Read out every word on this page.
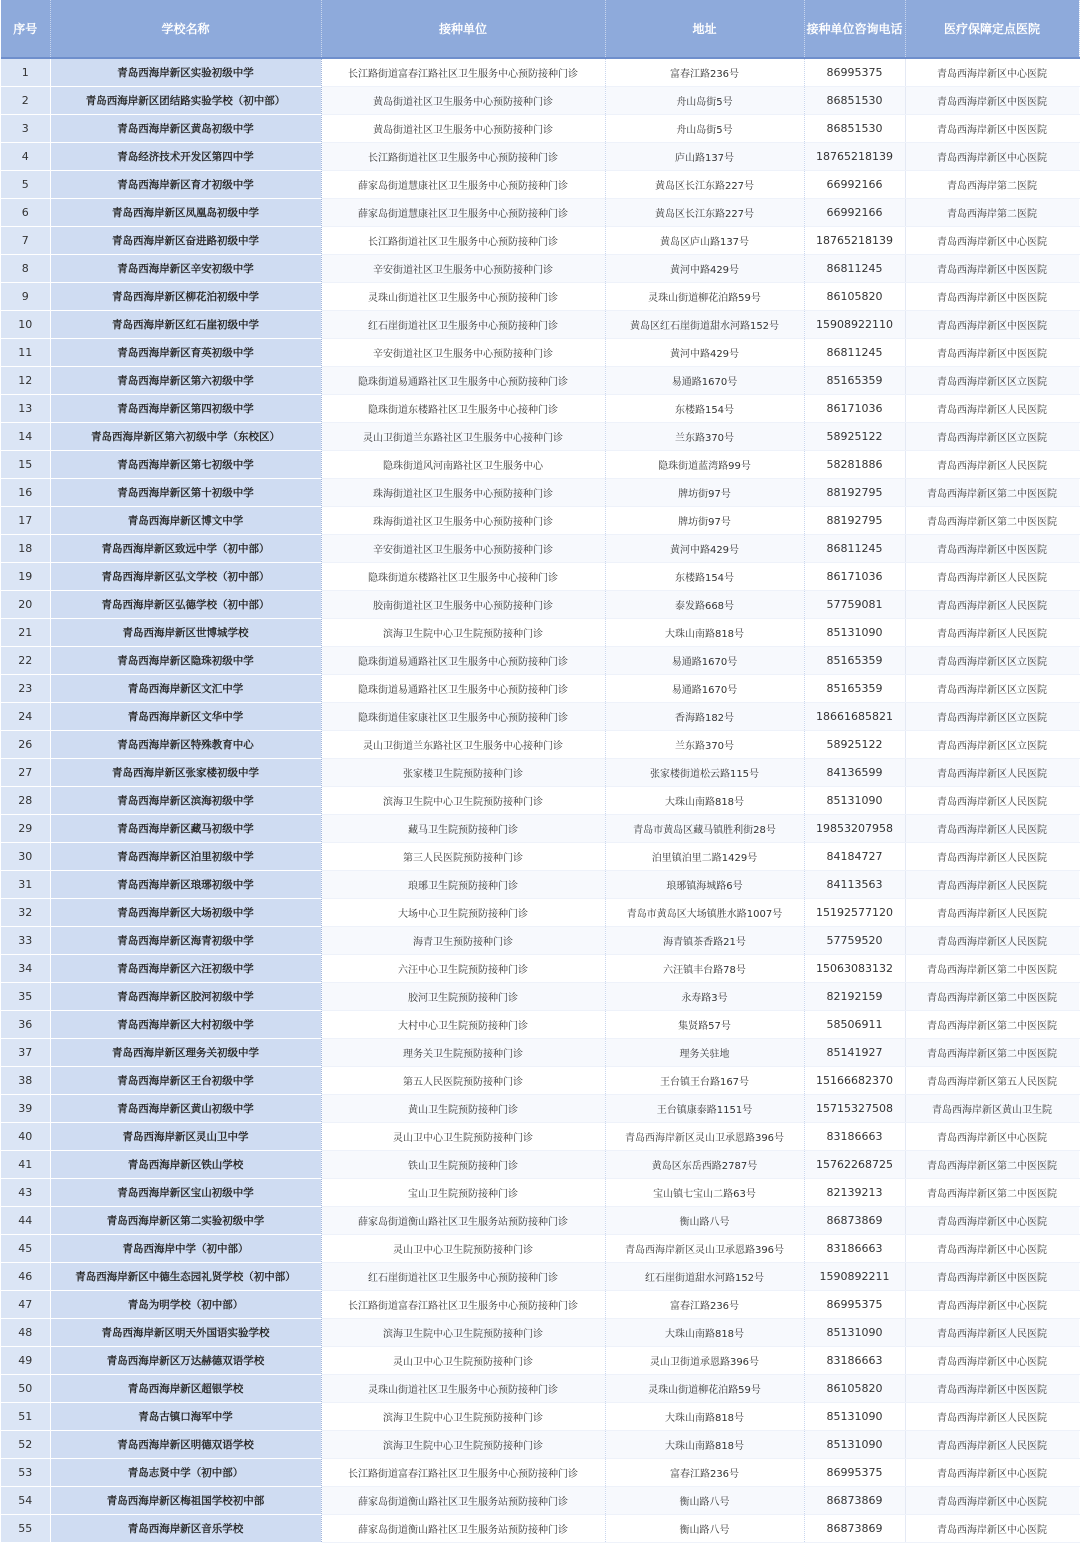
序号	学校名称	接种单位	地址	接种单位咨询电话	医疗保障定点医院
1	青岛西海岸新区实验初级中学	长江路街道富春江路社区卫生服务中心预防接种门诊	富春江路236号	86995375	青岛西海岸新区中心医院
2	青岛西海岸新区团结路实验学校（初中部）	黄岛街道社区卫生服务中心预防接种门诊	舟山岛街5号	86851530	青岛西海岸新区中医医院
3	青岛西海岸新区黄岛初级中学	黄岛街道社区卫生服务中心预防接种门诊	舟山岛街5号	86851530	青岛西海岸新区中医医院
4	青岛经济技术开发区第四中学	长江路街道社区卫生服务中心预防接种门诊	庐山路137号	18765218139	青岛西海岸新区中心医院
5	青岛西海岸新区育才初级中学	薛家岛街道慧康社区卫生服务中心预防接种门诊	黄岛区长江东路227号	66992166	青岛西海岸第二医院
6	青岛西海岸新区凤凰岛初级中学	薛家岛街道慧康社区卫生服务中心预防接种门诊	黄岛区长江东路227号	66992166	青岛西海岸第二医院
7	青岛西海岸新区奋进路初级中学	长江路街道社区卫生服务中心预防接种门诊	黄岛区庐山路137号	18765218139	青岛西海岸新区中心医院
8	青岛西海岸新区辛安初级中学	辛安街道社区卫生服务中心预防接种门诊	黄河中路429号	86811245	青岛西海岸新区中医医院
9	青岛西海岸新区柳花泊初级中学	灵珠山街道社区卫生服务中心预防接种门诊	灵珠山街道柳花泊路59号	86105820	青岛西海岸新区中医医院
10	青岛西海岸新区红石崖初级中学	红石崖街道社区卫生服务中心预防接种门诊	黄岛区红石崖街道甜水河路152号	15908922110	青岛西海岸新区中医医院
11	青岛西海岸新区育英初级中学	辛安街道社区卫生服务中心预防接种门诊	黄河中路429号	86811245	青岛西海岸新区中医医院
12	青岛西海岸新区第六初级中学	隐珠街道易通路社区卫生服务中心预防接种门诊	易通路1670号	85165359	青岛西海岸新区区立医院
13	青岛西海岸新区第四初级中学	隐珠街道东楼路社区卫生服务中心接种门诊	东楼路154号	86171036	青岛西海岸新区人民医院
14	青岛西海岸新区第六初级中学（东校区）	灵山卫街道兰东路社区卫生服务中心接种门诊	兰东路370号	58925122	青岛西海岸新区区立医院
15	青岛西海岸新区第七初级中学	隐珠街道风河南路社区卫生服务中心	隐珠街道蓝湾路99号	58281886	青岛西海岸新区人民医院
16	青岛西海岸新区第十初级中学	珠海街道社区卫生服务中心预防接种门诊	牌坊街97号	88192795	青岛西海岸新区第二中医医院
17	青岛西海岸新区博文中学	珠海街道社区卫生服务中心预防接种门诊	牌坊街97号	88192795	青岛西海岸新区第二中医医院
18	青岛西海岸新区致远中学（初中部）	辛安街道社区卫生服务中心预防接种门诊	黄河中路429号	86811245	青岛西海岸新区中医医院
19	青岛西海岸新区弘文学校（初中部）	隐珠街道东楼路社区卫生服务中心接种门诊	东楼路154号	86171036	青岛西海岸新区人民医院
20	青岛西海岸新区弘德学校（初中部）	胶南街道社区卫生服务中心预防接种门诊	泰发路668号	57759081	青岛西海岸新区人民医院
21	青岛西海岸新区世博城学校	滨海卫生院中心卫生院预防接种门诊	大珠山南路818号	85131090	青岛西海岸新区人民医院
22	青岛西海岸新区隐珠初级中学	隐珠街道易通路社区卫生服务中心预防接种门诊	易通路1670号	85165359	青岛西海岸新区区立医院
23	青岛西海岸新区文汇中学	隐珠街道易通路社区卫生服务中心预防接种门诊	易通路1670号	85165359	青岛西海岸新区区立医院
24	青岛西海岸新区文华中学	隐珠街道佳家康社区卫生服务中心预防接种门诊	香海路182号	18661685821	青岛西海岸新区区立医院
26	青岛西海岸新区特殊教育中心	灵山卫街道兰东路社区卫生服务中心接种门诊	兰东路370号	58925122	青岛西海岸新区区立医院
27	青岛西海岸新区张家楼初级中学	张家楼卫生院预防接种门诊	张家楼街道松云路115号	84136599	青岛西海岸新区人民医院
28	青岛西海岸新区滨海初级中学	滨海卫生院中心卫生院预防接种门诊	大珠山南路818号	85131090	青岛西海岸新区人民医院
29	青岛西海岸新区藏马初级中学	藏马卫生院预防接种门诊	青岛市黄岛区藏马镇胜利街28号	19853207958	青岛西海岸新区人民医院
30	青岛西海岸新区泊里初级中学	第三人民医院预防接种门诊	泊里镇泊里二路1429号	84184727	青岛西海岸新区人民医院
31	青岛西海岸新区琅琊初级中学	琅琊卫生院预防接种门诊	琅琊镇海城路6号	84113563	青岛西海岸新区人民医院
32	青岛西海岸新区大场初级中学	大场中心卫生院预防接种门诊	青岛市黄岛区大场镇胜水路1007号	15192577120	青岛西海岸新区人民医院
33	青岛西海岸新区海青初级中学	海青卫生预防接种门诊	海青镇茶香路21号	57759520	青岛西海岸新区人民医院
34	青岛西海岸新区六汪初级中学	六汪中心卫生院预防接种门诊	六汪镇丰台路78号	15063083132	青岛西海岸新区第二中医医院
35	青岛西海岸新区胶河初级中学	胶河卫生院预防接种门诊	永寿路3号	82192159	青岛西海岸新区第二中医医院
36	青岛西海岸新区大村初级中学	大村中心卫生院预防接种门诊	集贤路57号	58506911	青岛西海岸新区第二中医医院
37	青岛西海岸新区理务关初级中学	理务关卫生院预防接种门诊	理务关驻地	85141927	青岛西海岸新区第二中医医院
38	青岛西海岸新区王台初级中学	第五人民医院预防接种门诊	王台镇王台路167号	15166682370	青岛西海岸新区第五人民医院
39	青岛西海岸新区黄山初级中学	黄山卫生院预防接种门诊	王台镇康泰路1151号	15715327508	青岛西海岸新区黄山卫生院
40	青岛西海岸新区灵山卫中学	灵山卫中心卫生院预防接种门诊	青岛西海岸新区灵山卫承恩路396号	83186663	青岛西海岸新区中心医院
41	青岛西海岸新区铁山学校	铁山卫生院预防接种门诊	黄岛区东岳西路2787号	15762268725	青岛西海岸新区第二中医医院
43	青岛西海岸新区宝山初级中学	宝山卫生院预防接种门诊	宝山镇七宝山二路63号	82139213	青岛西海岸新区第二中医医院
44	青岛西海岸新区第二实验初级中学	薛家岛街道衡山路社区卫生服务站预防接种门诊	衡山路八号	86873869	青岛西海岸新区中心医院
45	青岛西海岸中学（初中部）	灵山卫中心卫生院预防接种门诊	青岛西海岸新区灵山卫承恩路396号	83186663	青岛西海岸新区中心医院
46	青岛西海岸新区中德生态园礼贤学校（初中部）	红石崖街道社区卫生服务中心预防接种门诊	红石崖街道甜水河路152号	1590892211	青岛西海岸新区中医医院
47	青岛为明学校（初中部）	长江路街道富春江路社区卫生服务中心预防接种门诊	富春江路236号	86995375	青岛西海岸新区中心医院
48	青岛西海岸新区明天外国语实验学校	滨海卫生院中心卫生院预防接种门诊	大珠山南路818号	85131090	青岛西海岸新区人民医院
49	青岛西海岸新区万达赫德双语学校	灵山卫中心卫生院预防接种门诊	灵山卫街道承恩路396号	83186663	青岛西海岸新区中心医院
50	青岛西海岸新区超银学校	灵珠山街道社区卫生服务中心预防接种门诊	灵珠山街道柳花泊路59号	86105820	青岛西海岸新区中医医院
51	青岛古镇口海军中学	滨海卫生院中心卫生院预防接种门诊	大珠山南路818号	85131090	青岛西海岸新区人民医院
52	青岛西海岸新区明德双语学校	滨海卫生院中心卫生院预防接种门诊	大珠山南路818号	85131090	青岛西海岸新区人民医院
53	青岛志贤中学（初中部）	长江路街道富春江路社区卫生服务中心预防接种门诊	富春江路236号	86995375	青岛西海岸新区中心医院
54	青岛西海岸新区梅祖国学校初中部	薛家岛街道衡山路社区卫生服务站预防接种门诊	衡山路八号	86873869	青岛西海岸新区中心医院
55	青岛西海岸新区音乐学校	薛家岛街道衡山路社区卫生服务站预防接种门诊	衡山路八号	86873869	青岛西海岸新区中心医院
